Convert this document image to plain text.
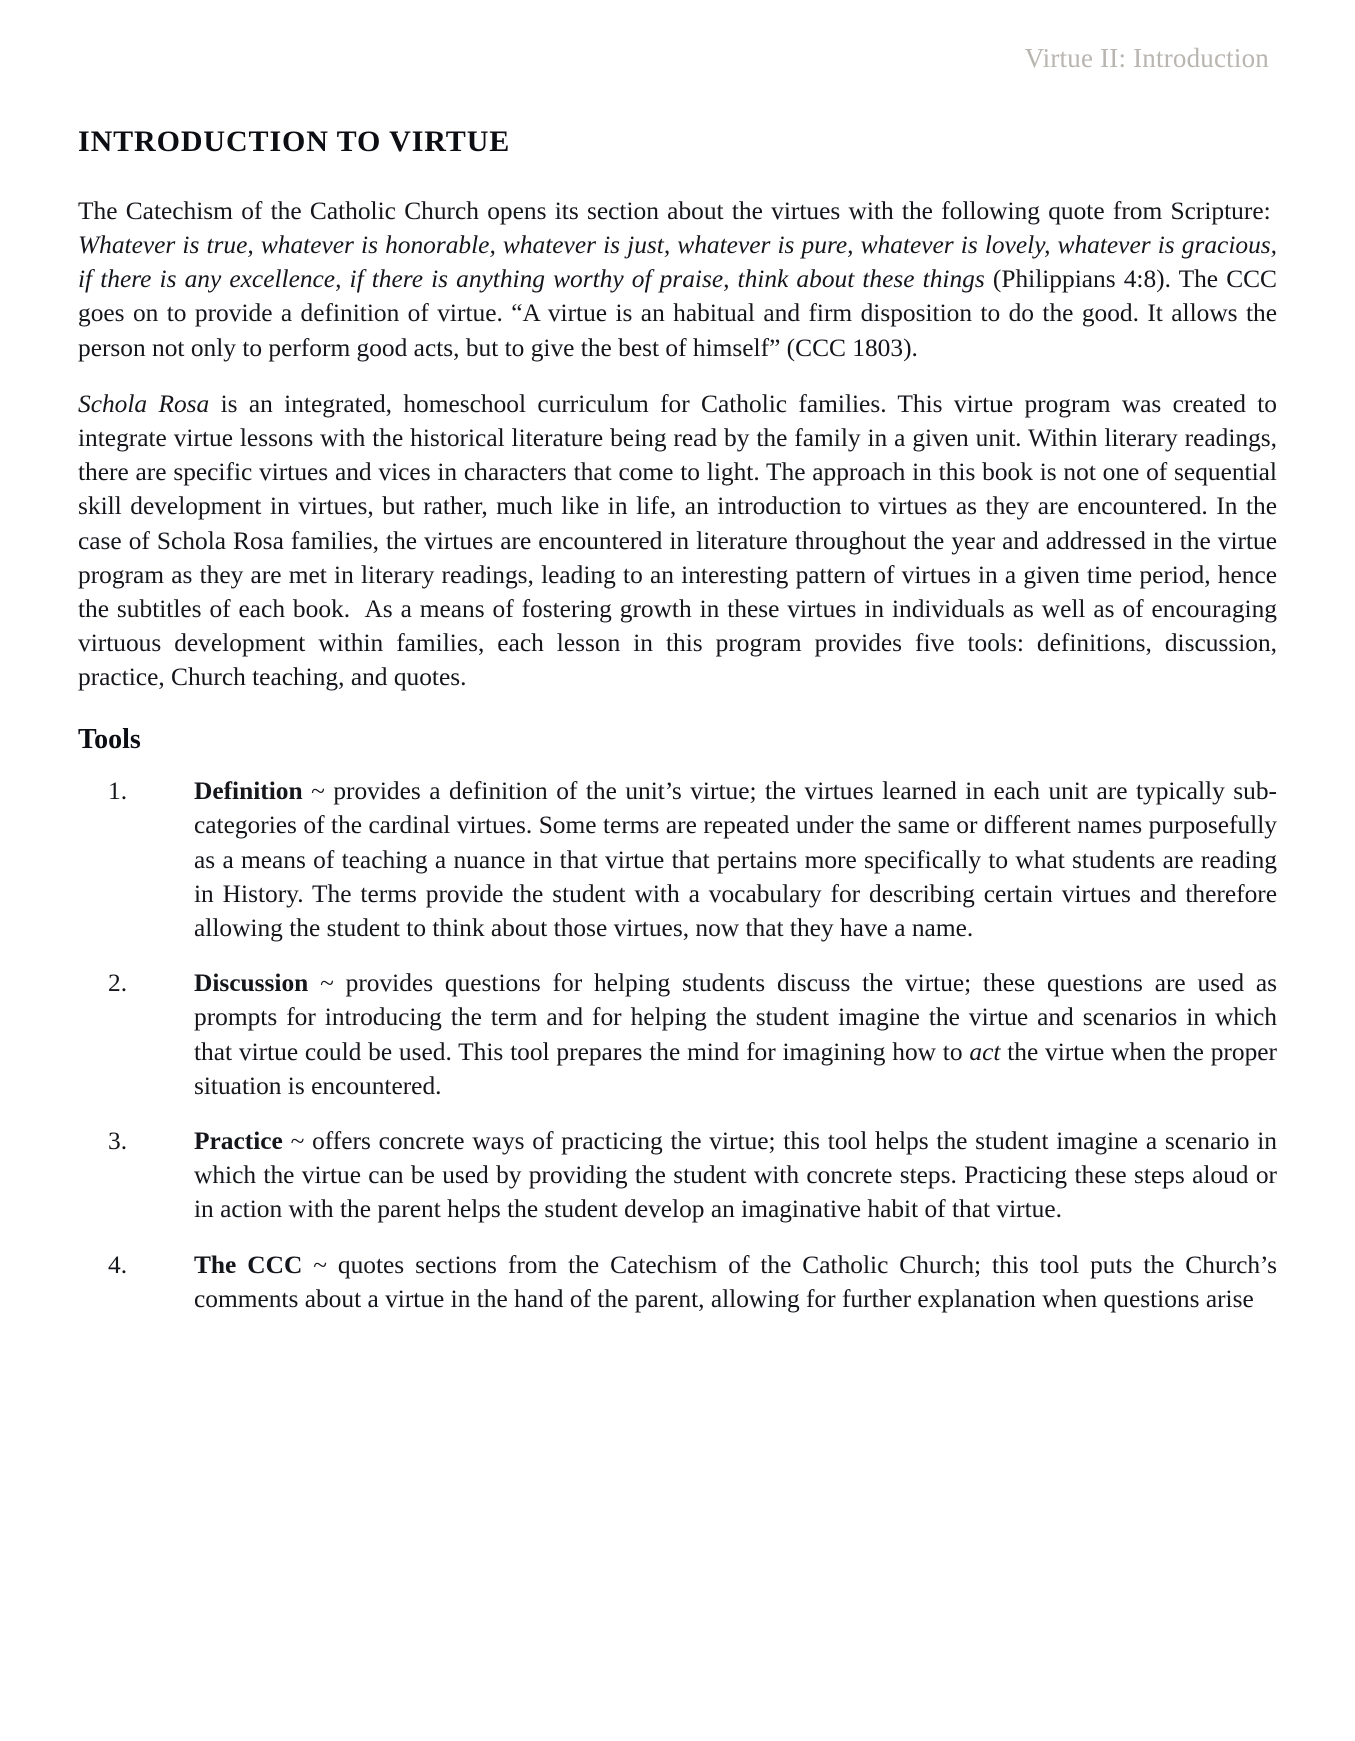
Virtue II: Introduction
INTRODUCTION TO VIRTUE

The Catechism of the Catholic Church opens its section about the virtues with the following quote from Scripture:  Whatever is true, whatever is honorable, whatever is just, whatever is pure, whatever is lovely, whatever is gracious, if there is any excellence, if there is anything worthy of praise, think about these things (Philippians 4:8). The CCC goes on to provide a definition of virtue. “A virtue is an habitual and firm disposition to do the good. It allows the person not only to perform good acts, but to give the best of himself” (CCC 1803).

Schola Rosa is an integrated, homeschool curriculum for Catholic families. This virtue program was created to integrate virtue lessons with the historical literature being read by the family in a given unit. Within literary readings, there are specific virtues and vices in characters that come to light. The approach in this book is not one of sequential skill development in virtues, but rather, much like in life, an introduction to virtues as they are encountered. In the case of Schola Rosa families, the virtues are encountered in literature throughout the year and addressed in the virtue program as they are met in literary readings, leading to an interesting pattern of virtues in a given time period, hence the subtitles of each book.  As a means of fostering growth in these virtues in individuals as well as of encouraging virtuous development within families, each lesson in this program provides five tools: definitions, discussion, practice, Church teaching, and quotes.

Tools
1.	Definition ~ provides a definition of the unit’s virtue; the virtues learned in each unit are typically sub-categories of the cardinal virtues. Some terms are repeated under the same or different names purposefully as a means of teaching a nuance in that virtue that pertains more specifically to what students are reading in History. The terms provide the student with a vocabulary for describing certain virtues and therefore allowing the student to think about those virtues, now that they have a name.
2.	Discussion ~ provides questions for helping students discuss the virtue; these questions are used as prompts for introducing the term and for helping the student imagine the virtue and scenarios in which that virtue could be used. This tool prepares the mind for imagining how to act the virtue when the proper situation is encountered.
3.	Practice ~ offers concrete ways of practicing the virtue; this tool helps the student imagine a scenario in which the virtue can be used by providing the student with concrete steps. Practicing these steps aloud or in action with the parent helps the student develop an imaginative habit of that virtue.
4.	The CCC ~ quotes sections from the Catechism of the Catholic Church; this tool puts the Church’s comments about a virtue in the hand of the parent, allowing for further explanation when questions arise
